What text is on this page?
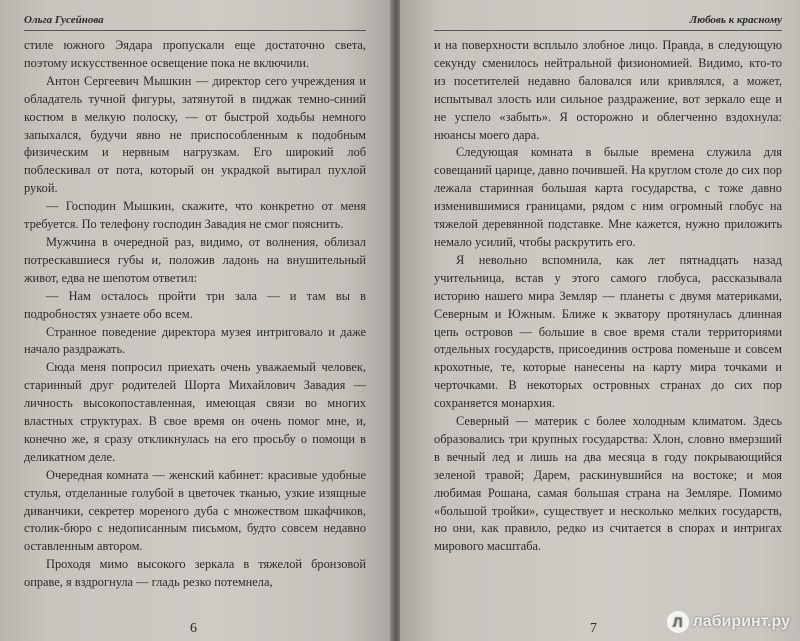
Ольга Гусейнова

стиле южного Эядара пропускали еще достаточно света, поэтому искусственное освещение пока не включили.

Антон Сергеевич Мышкин — директор сего учреждения и обладатель тучной фигуры, затянутой в пиджак темно-синий костюм в мелкую полоску, — от быстрой ходьбы немного запыхался, будучи явно не приспособленным к подобным физическим и нервным нагрузкам. Его широкий лоб поблескивал от пота, который он украдкой вытирал пухлой рукой.

— Господин Мышкин, скажите, что конкретно от меня требуется. По телефону господин Завадия не смог пояснить.

Мужчина в очередной раз, видимо, от волнения, облизал потрескавшиеся губы и, положив ладонь на внушительный живот, едва не шепотом ответил:

— Нам осталось пройти три зала — и там вы в подробностях узнаете обо всем.

Странное поведение директора музея интриговало и даже начало раздражать.

Сюда меня попросил приехать очень уважаемый человек, старинный друг родителей Шорта Михайлович Завадия — личность высокопоставленная, имеющая связи во многих властных структурах. В свое время он очень помог мне, и, конечно же, я сразу откликнулась на его просьбу о помощи в деликатном деле.

Очередная комната — женский кабинет: красивые удобные стулья, отделанные голубой в цветочек тканью, узкие изящные диванчики, секретер мореного дуба с множеством шкафчиков, столик-бюро с недописанным письмом, будто совсем недавно оставленным автором.

Проходя мимо высокого зеркала в тяжелой бронзовой оправе, я вздрогнула — гладь резко потемнела,

6
Любовь к красному

и на поверхности всплыло злобное лицо. Правда, в следующую секунду сменилось нейтральной физиономией. Видимо, кто-то из посетителей недавно баловался или кривлялся, а может, испытывал злость или сильное раздражение, вот зеркало еще и не успело «забыть». Я осторожно и облегченно вздохнула: нюансы моего дара.

Следующая комната в былые времена служила для совещаний царице, давно почившей. На круглом столе до сих пор лежала старинная большая карта государства, с тоже давно изменившимися границами, рядом с ним огромный глобус на тяжелой деревянной подставке. Мне кажется, нужно приложить немало усилий, чтобы раскрутить его.

Я невольно вспомнила, как лет пятнадцать назад учительница, встав у этого самого глобуса, рассказывала историю нашего мира Земляр — планеты с двумя материками, Северным и Южным. Ближе к экватору протянулась длинная цепь островов — большие в свое время стали территориями отдельных государств, присоединив острова поменьше и совсем крохотные, те, которые нанесены на карту мира точками и черточками. В некоторых островных странах до сих пор сохраняется монархия.

Северный — материк с более холодным климатом. Здесь образовались три крупных государства: Хлон, словно вмерзший в вечный лед и лишь на два месяца в году покрывающийся зеленой травой; Дарем, раскинувшийся на востоке; и моя любимая Рошана, самая большая страна на Земляре. Помимо «большой тройки», существует и несколько мелких государств, но они, как правило, редко из считается в спорах и интригах мирового масштаба.

7	Л лабиринт.ру
